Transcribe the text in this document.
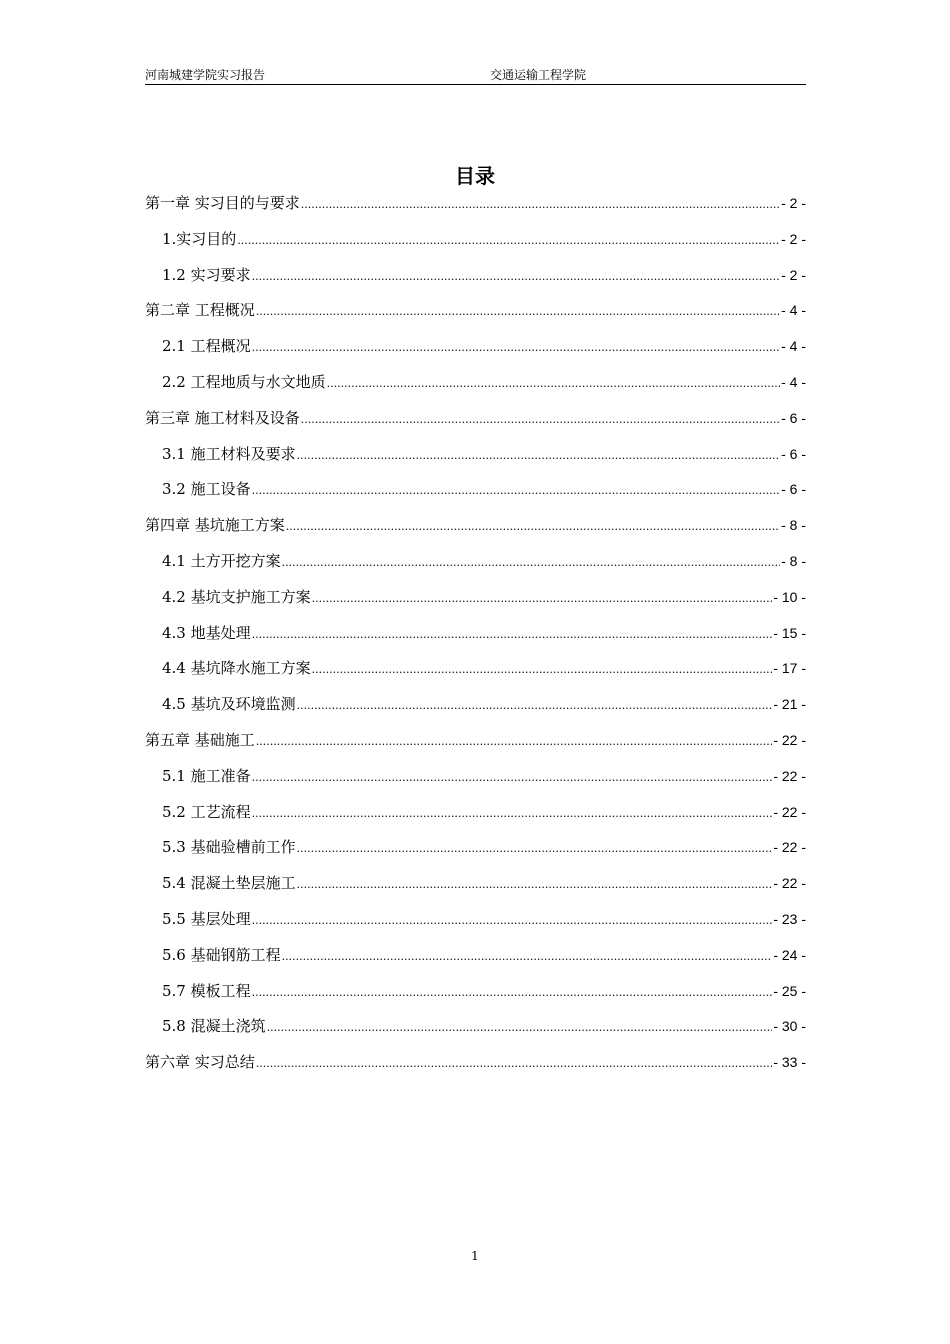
河南城建学院实习报告	交通运输工程学院
目录
第一章 实习目的与要求 .....	- 2 -
1.实习目的 .....	- 2 -
1.2 实习要求 .....	- 2 -
第二章 工程概况 .....	- 4 -
2.1 工程概况 .....	- 4 -
2.2 工程地质与水文地质 .....	- 4 -
第三章 施工材料及设备 .....	- 6 -
3.1 施工材料及要求 .....	- 6 -
3.2 施工设备 .....	- 6 -
第四章 基坑施工方案 .....	- 8 -
4.1 土方开挖方案 .....	- 8 -
4.2 基坑支护施工方案 .....	- 10 -
4.3 地基处理 .....	- 15 -
4.4 基坑降水施工方案 .....	- 17 -
4.5 基坑及环境监测 .....	- 21 -
第五章 基础施工 .....	- 22 -
5.1 施工准备 .....	- 22 -
5.2 工艺流程 .....	- 22 -
5.3 基础验槽前工作 .....	- 22 -
5.4 混凝土垫层施工 .....	- 22 -
5.5 基层处理 .....	- 23 -
5.6 基础钢筋工程 .....	- 24 -
5.7 模板工程 .....	- 25 -
5.8 混凝土浇筑 .....	- 30 -
第六章 实习总结 .....	- 33 -
1
